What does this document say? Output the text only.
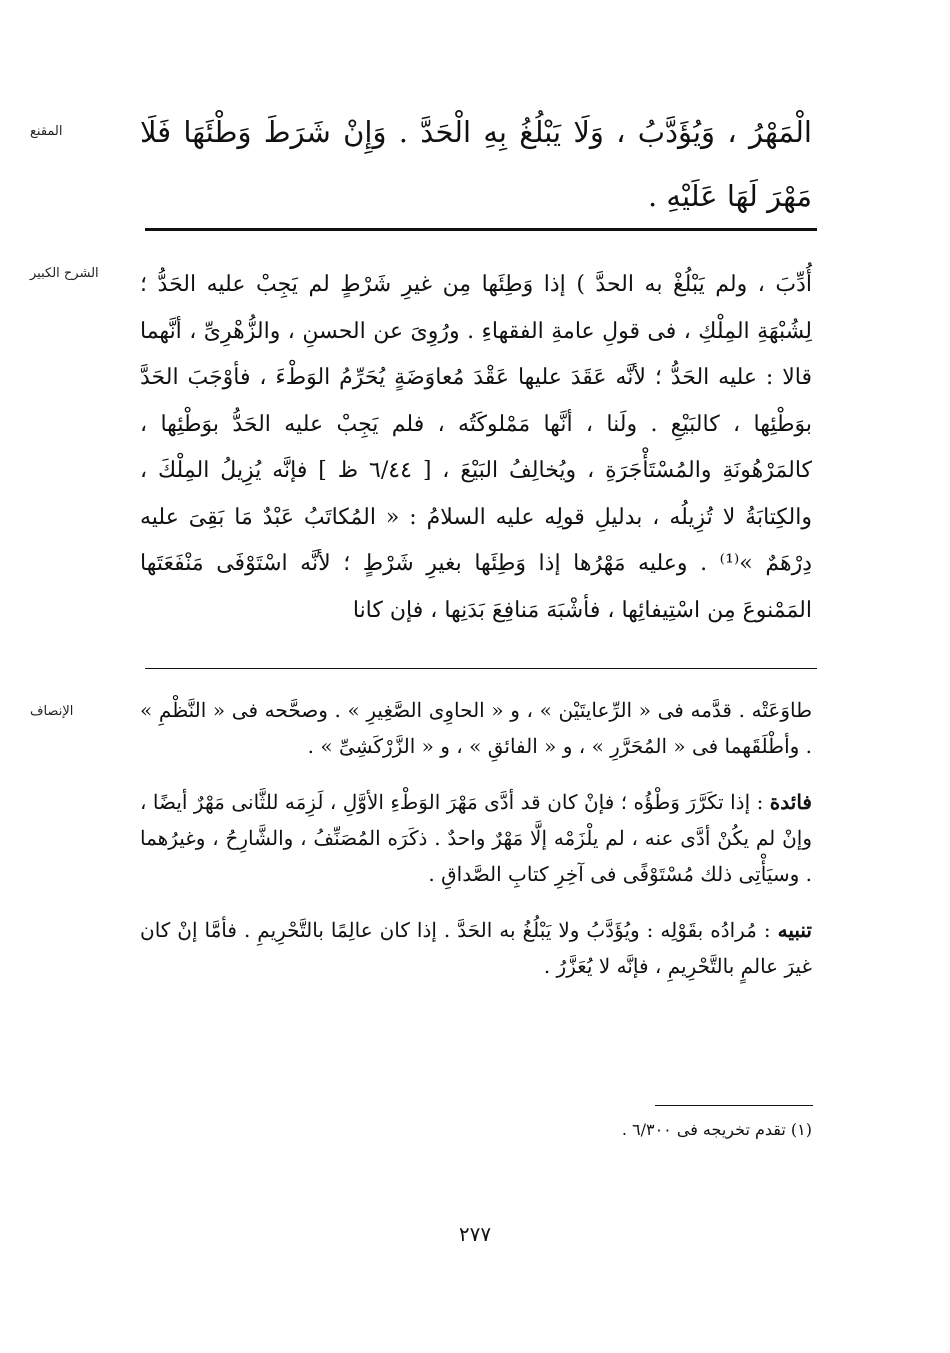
المقنع	الْمَهْرُ ، وَيُؤَدَّبُ ، وَلَا يَبْلُغُ بِهِ الْحَدَّ . وَإِنْ شَرَطَ وَطْئَهَا فَلَا مَهْرَ لَهَا عَلَيْهِ .
الشرح الكبير	أُدِّبَ ، ولم يَبْلُغْ به الحدَّ ) إذا وَطِئَها مِن غيرِ شَرْطٍ لم يَجِبْ عليه الحَدُّ ؛ لِشُبْهَةِ المِلْكِ ، فى قولِ عامةِ الفقهاءِ . ورُوِىَ عن الحسنِ ، والزُّهْرِىِّ ، أنَّهما قالا : عليه الحَدُّ ؛ لأنَّه عَقَدَ عليها عَقْدَ مُعاوَضَةٍ يُحَرِّمُ الوَطْءَ ، فأوْجَبَ الحَدَّ بوَطْئِها ، كالبَيْعِ . ولَنا ، أنَّها مَمْلوكَتُه ، فلم يَجِبْ عليه الحَدُّ بوَطْئِها ، كالمَرْهُونَةِ والمُسْتَأْجَرَةِ ، ويُخالِفُ البَيْعَ ، [ ٦/٤٤ ظ ] فإنَّه يُزِيلُ المِلْكَ ، والكِتابَةُ لا تُزِيلُه ، بدليلِ قولِه عليه السلامُ : « المُكاتَبُ عَبْدٌ مَا بَقِىَ عليه دِرْهَمٌ »⁽¹⁾ . وعليه مَهْرُها إذا وَطِئَها بغيرِ شَرْطٍ ؛ لأنَّه اسْتَوْفَى مَنْفَعَتَها المَمْنوعَ مِن اسْتِيفائِها ، فأشْبَهَ مَنافِعَ بَدَنِها ، فإن كانا
الإنصاف	طاوَعَتْه . قدَّمه فى « الرِّعايتَيْن » ، و « الحاوِى الصَّغِيرِ » . وصحَّحه فى « النَّظْمِ » . وأطْلَقَهما فى « المُحَرَّرِ » ، و « الفائقِ » ، و « الزَّرْكَشِىِّ » .

فائدة : إذا تكَرَّرَ وَطْؤُه ؛ فإنْ كان قد أدَّى مَهْرَ الوَطْءِ الأوَّلِ ، لَزِمَه للثَّانى مَهْرٌ أيضًا ، وإنْ لم يكُنْ أدَّى عنه ، لم يلْزَمْه إلَّا مَهْرٌ واحدٌ . ذكَرَه المُصَنِّفُ ، والشَّارِحُ ، وغيرُهما . وسيَأْتِى ذلك مُسْتَوْفًى فى آخِرِ كتابِ الصَّداقِ .

تنبيه : مُرادُه بقَوْلِه : ويُؤَدَّبُ ولا يَبْلُغُ به الحَدَّ . إذا كان عالِمًا بالتَّحْرِيمِ . فأمَّا إنْ كان غيرَ عالمٍ بالتَّحْرِيمِ ، فإنَّه لا يُعَزَّرُ .

(١) تقدم تخريجه فى ٦/٣٠٠ .
٢٧٧
